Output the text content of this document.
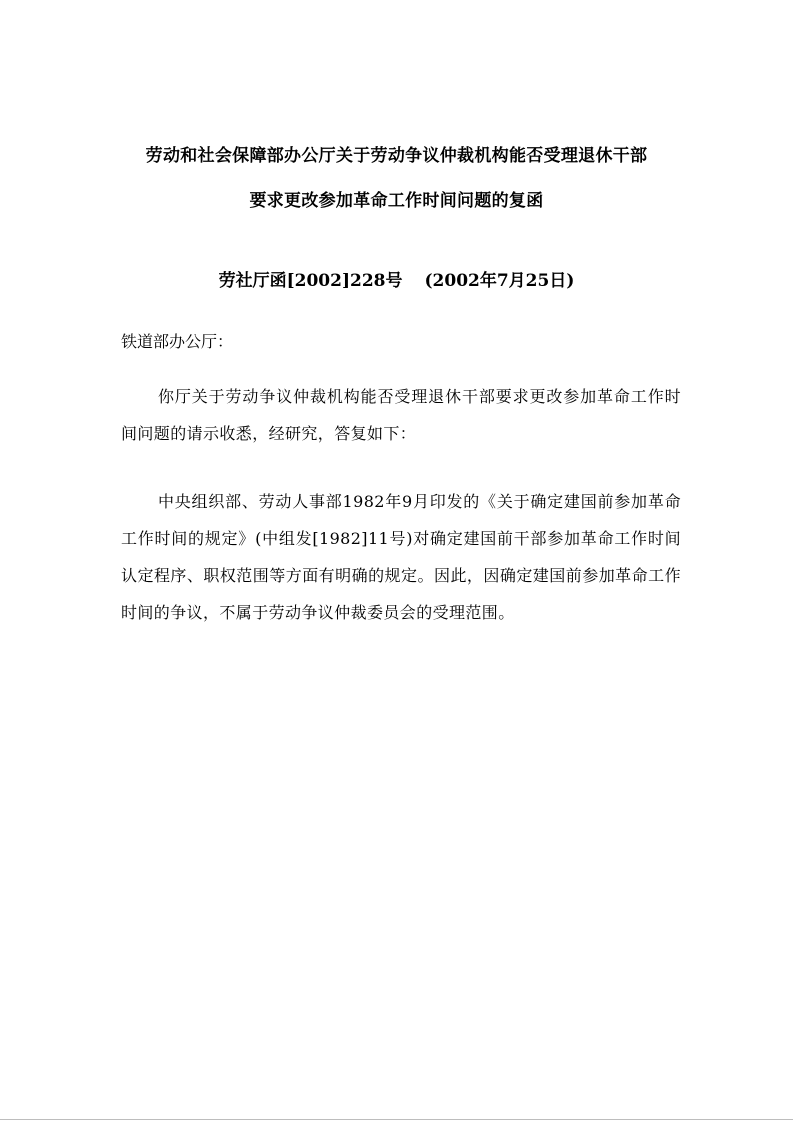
劳动和社会保障部办公厅关于劳动争议仲裁机构能否受理退休干部
要求更改参加革命工作时间问题的复函
劳社厅函[2002]228号 (2002年7月25日)
铁道部办公厅：
你厅关于劳动争议仲裁机构能否受理退休干部要求更改参加革命工作时间问题的请示收悉，经研究，答复如下：
中央组织部、劳动人事部1982年9月印发的《关于确定建国前参加革命工作时间的规定》(中组发[1982]11号)对确定建国前干部参加革命工作时间认定程序、职权范围等方面有明确的规定。因此，因确定建国前参加革命工作时间的争议，不属于劳动争议仲裁委员会的受理范围。
